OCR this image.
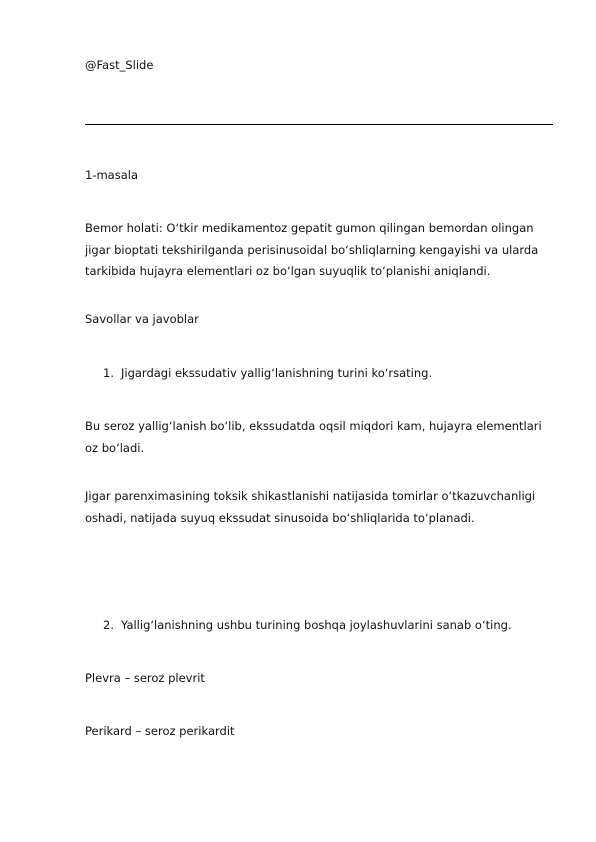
@Fast_Slide

1-masala

Bemor holati: O‘tkir medikamentoz gepatit gumon qilingan bemordan olingan jigar bioptati tekshirilganda perisinusoidal bo‘shliqlarning kengayishi va ularda tarkibida hujayra elementlari oz bo‘lgan suyuqlik to‘planishi aniqlandi.

Savollar va javoblar

1. Jigardagi ekssudativ yallig‘lanishning turini ko‘rsating.

Bu seroz yallig‘lanish bo‘lib, ekssudatda oqsil miqdori kam, hujayra elementlari oz bo‘ladi.

Jigar parenximasining toksik shikastlanishi natijasida tomirlar o‘tkazuvchanligi oshadi, natijada suyuq ekssudat sinusoida bo‘shliqlarida to‘planadi.

2. Yallig‘lanishning ushbu turining boshqa joylashuvlarini sanab o‘ting.

Plevra – seroz plevrit

Perikard – seroz perikardit
